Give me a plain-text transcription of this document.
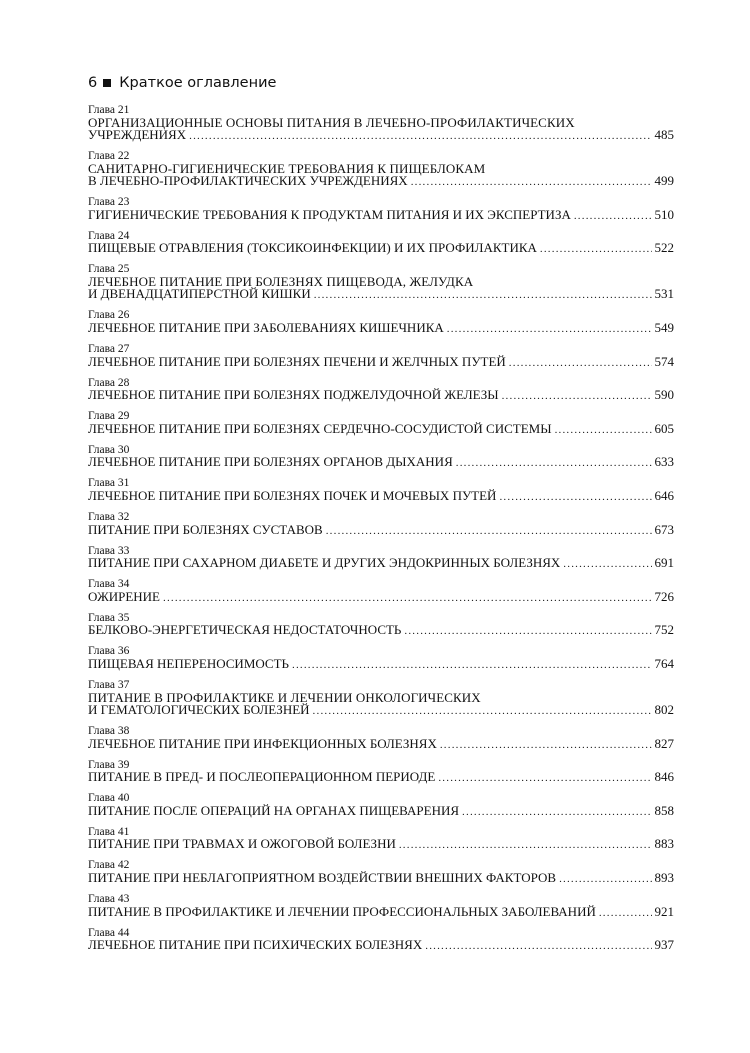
6 Краткое оглавление
Глава 21
ОРГАНИЗАЦИОННЫЕ ОСНОВЫ ПИТАНИЯ В ЛЕЧЕБНО-ПРОФИЛАКТИЧЕСКИХ
УЧРЕЖДЕНИЯХ .....	485
Глава 22
САНИТАРНО-ГИГИЕНИЧЕСКИЕ ТРЕБОВАНИЯ К ПИЩЕБЛОКАМ
В ЛЕЧЕБНО-ПРОФИЛАКТИЧЕСКИХ УЧРЕЖДЕНИЯХ .....	499
Глава 23
ГИГИЕНИЧЕСКИЕ ТРЕБОВАНИЯ К ПРОДУКТАМ ПИТАНИЯ И ИХ ЭКСПЕРТИЗА .....	510
Глава 24
ПИЩЕВЫЕ ОТРАВЛЕНИЯ (ТОКСИКОИНФЕКЦИИ) И ИХ ПРОФИЛАКТИКА .....	522
Глава 25
ЛЕЧЕБНОЕ ПИТАНИЕ ПРИ БОЛЕЗНЯХ ПИЩЕВОДА, ЖЕЛУДКА
И ДВЕНАДЦАТИПЕРСТНОЙ КИШКИ .....	531
Глава 26
ЛЕЧЕБНОЕ ПИТАНИЕ ПРИ ЗАБОЛЕВАНИЯХ КИШЕЧНИКА .....	549
Глава 27
ЛЕЧЕБНОЕ ПИТАНИЕ ПРИ БОЛЕЗНЯХ ПЕЧЕНИ И ЖЕЛЧНЫХ ПУТЕЙ .....	574
Глава 28
ЛЕЧЕБНОЕ ПИТАНИЕ ПРИ БОЛЕЗНЯХ ПОДЖЕЛУДОЧНОЙ ЖЕЛЕЗЫ .....	590
Глава 29
ЛЕЧЕБНОЕ ПИТАНИЕ ПРИ БОЛЕЗНЯХ СЕРДЕЧНО-СОСУДИСТОЙ СИСТЕМЫ .....	605
Глава 30
ЛЕЧЕБНОЕ ПИТАНИЕ ПРИ БОЛЕЗНЯХ ОРГАНОВ ДЫХАНИЯ .....	633
Глава 31
ЛЕЧЕБНОЕ ПИТАНИЕ ПРИ БОЛЕЗНЯХ ПОЧЕК И МОЧЕВЫХ ПУТЕЙ .....	646
Глава 32
ПИТАНИЕ ПРИ БОЛЕЗНЯХ СУСТАВОВ .....	673
Глава 33
ПИТАНИЕ ПРИ САХАРНОМ ДИАБЕТЕ И ДРУГИХ ЭНДОКРИННЫХ БОЛЕЗНЯХ .....	691
Глава 34
ОЖИРЕНИЕ .....	726
Глава 35
БЕЛКОВО-ЭНЕРГЕТИЧЕСКАЯ НЕДОСТАТОЧНОСТЬ .....	752
Глава 36
ПИЩЕВАЯ НЕПЕРЕНОСИМОСТЬ .....	764
Глава 37
ПИТАНИЕ В ПРОФИЛАКТИКЕ И ЛЕЧЕНИИ ОНКОЛОГИЧЕСКИХ
И ГЕМАТОЛОГИЧЕСКИХ БОЛЕЗНЕЙ .....	802
Глава 38
ЛЕЧЕБНОЕ ПИТАНИЕ ПРИ ИНФЕКЦИОННЫХ БОЛЕЗНЯХ .....	827
Глава 39
ПИТАНИЕ В ПРЕД- И ПОСЛЕОПЕРАЦИОННОМ ПЕРИОДЕ .....	846
Глава 40
ПИТАНИЕ ПОСЛЕ ОПЕРАЦИЙ НА ОРГАНАХ ПИЩЕВАРЕНИЯ .....	858
Глава 41
ПИТАНИЕ ПРИ ТРАВМАХ И ОЖОГОВОЙ БОЛЕЗНИ .....	883
Глава 42
ПИТАНИЕ ПРИ НЕБЛАГОПРИЯТНОМ ВОЗДЕЙСТВИИ ВНЕШНИХ ФАКТОРОВ .....	893
Глава 43
ПИТАНИЕ В ПРОФИЛАКТИКЕ И ЛЕЧЕНИИ ПРОФЕССИОНАЛЬНЫХ ЗАБОЛЕВАНИЙ .....	921
Глава 44
ЛЕЧЕБНОЕ ПИТАНИЕ ПРИ ПСИХИЧЕСКИХ БОЛЕЗНЯХ .....	937
